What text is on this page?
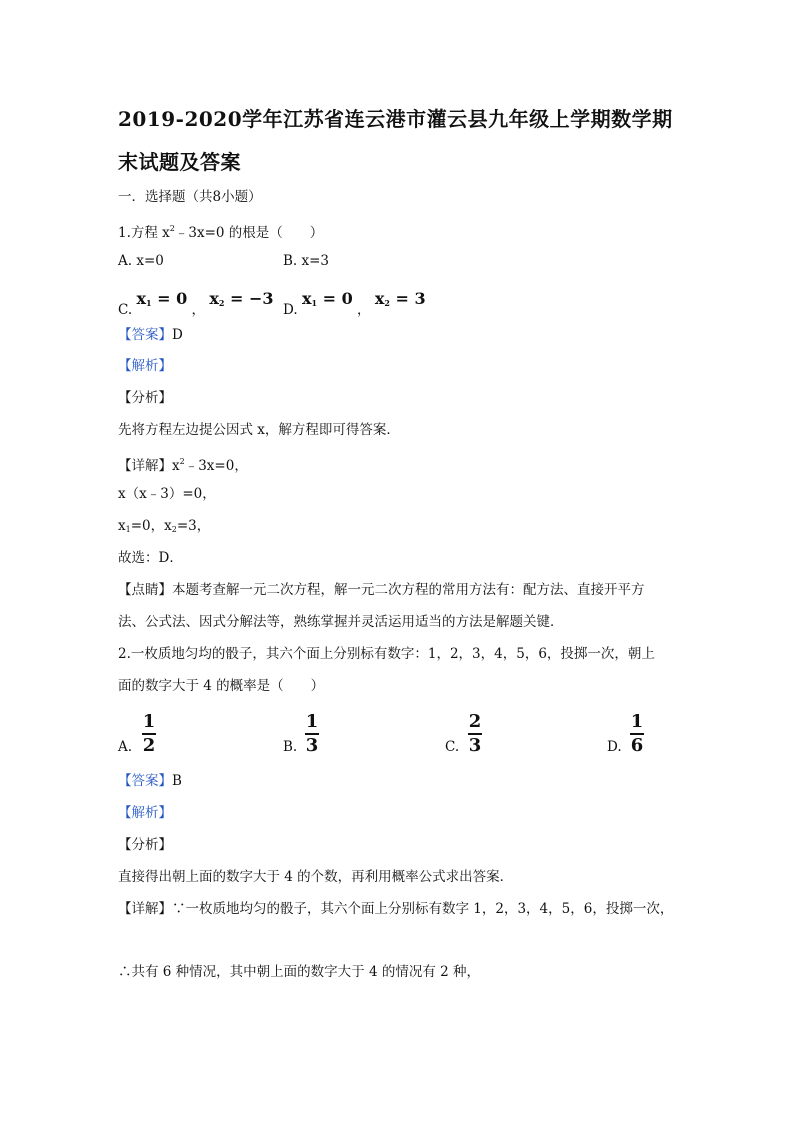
2019-2020学年江苏省连云港市灌云县九年级上学期数学期
末试题及答案
一．选择题（共8小题）
1.方程 $x^2﹣3x=0$ 的根是（　　）
A. x=0	B. x=3
C. $x_1 = 0$ ， $x_2 = -3$
D. $x_1 = 0$ ， $x_2 = 3$
【答案】D
【解析】
【分析】
先将方程左边提公因式 x，解方程即可得答案．
【详解】$x^2﹣3x=0$，
x（x﹣3）=0，
$x_1=0$，$x_2=3$，
故选：D．
【点睛】本题考查解一元二次方程，解一元二次方程的常用方法有：配方法、直接开平方
法、公式法、因式分解法等，熟练掌握并灵活运用适当的方法是解题关键．
2.一枚质地匀均的骰子，其六个面上分别标有数字：1，2，3，4，5，6，投掷一次，朝上
面的数字大于 4 的概率是（　　）
A.
1
2	B.
1
3	C.
2
3	D.
1
6
【答案】B
【解析】
【分析】
直接得出朝上面的数字大于 4 的个数，再利用概率公式求出答案．
【详解】∵一枚质地均匀的骰子，其六个面上分别标有数字 1，2，3，4，5，6，投掷一次，
∴共有 6 种情况，其中朝上面的数字大于 4 的情况有 2 种，
